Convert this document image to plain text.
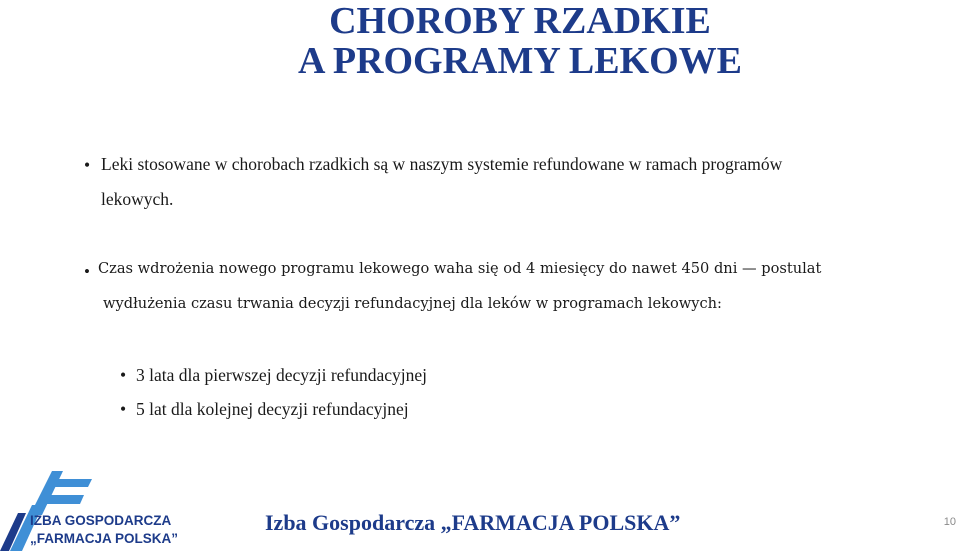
CHOROBY RZADKIE
A PROGRAMY LEKOWE
• Leki stosowane w chorobach rzadkich są w naszym systemie refundowane w ramach programów
lekowych.
• Czas wdrożenia nowego programu lekowego waha się od 4 miesięcy do nawet 450 dni — postulat
wydłużenia czasu trwania decyzji refundacyjnej dla leków w programach lekowych:
• 3 lata dla pierwszej decyzji refundacyjnej
• 5 lat dla kolejnej decyzji refundacyjnej
IZBA GOSPODARCZA
„FARMACJA POLSKA”
Izba Gospodarcza „FARMACJA POLSKA”	10
